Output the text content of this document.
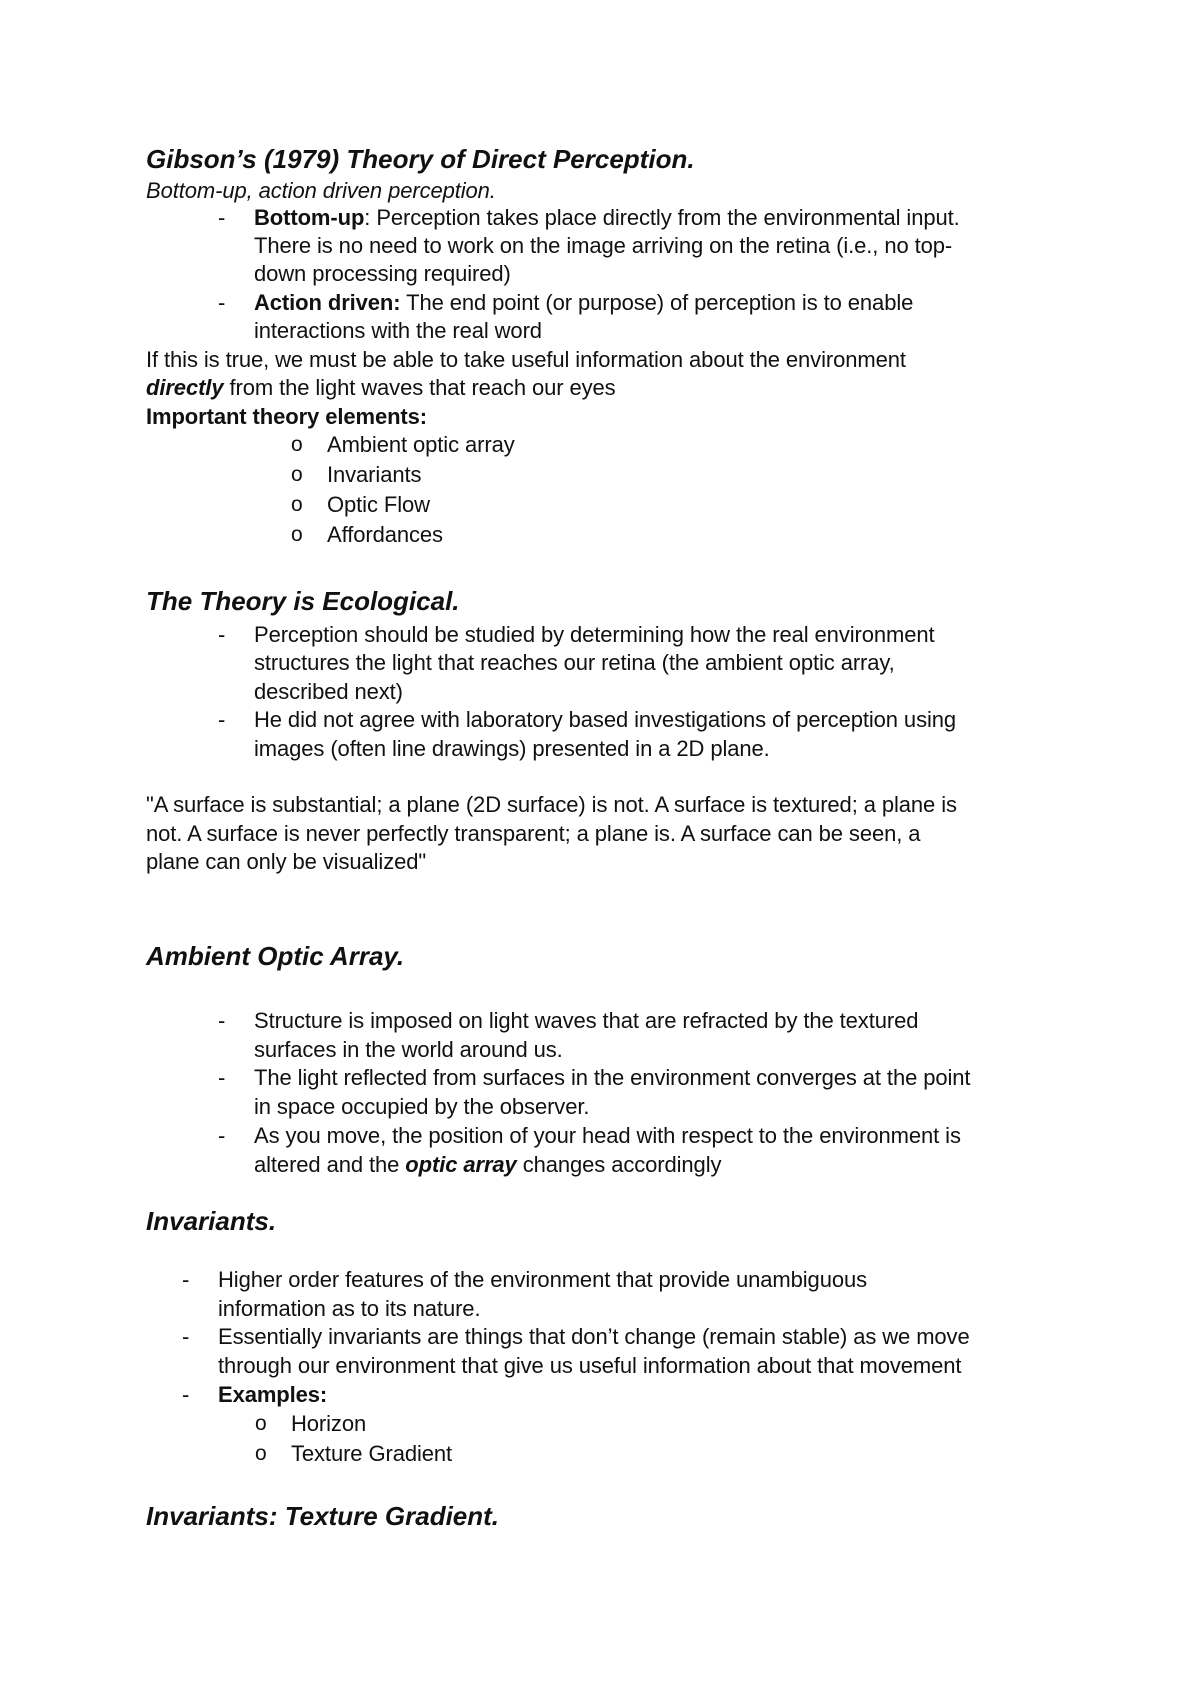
Gibson’s (1979) Theory of Direct Perception.
Bottom-up, action driven perception.
- Bottom-up: Perception takes place directly from the environmental input.
There is no need to work on the image arriving on the retina (i.e., no top-
down processing required)
- Action driven: The end point (or purpose) of perception is to enable
interactions with the real word
If this is true, we must be able to take useful information about the environment
directly from the light waves that reach our eyes
Important theory elements:
o Ambient optic array
o Invariants
o Optic Flow
o Affordances
The Theory is Ecological.
- Perception should be studied by determining how the real environment
structures the light that reaches our retina (the ambient optic array,
described next)
- He did not agree with laboratory based investigations of perception using
images (often line drawings) presented in a 2D plane.
"A surface is substantial; a plane (2D surface) is not. A surface is textured; a plane is
not. A surface is never perfectly transparent; a plane is. A surface can be seen, a
plane can only be visualized"
Ambient Optic Array.
- Structure is imposed on light waves that are refracted by the textured
surfaces in the world around us.
- The light reflected from surfaces in the environment converges at the point
in space occupied by the observer.
- As you move, the position of your head with respect to the environment is
altered and the optic array changes accordingly
Invariants.
- Higher order features of the environment that provide unambiguous
information as to its nature.
- Essentially invariants are things that don’t change (remain stable) as we move
through our environment that give us useful information about that movement
- Examples:
o Horizon
o Texture Gradient
Invariants: Texture Gradient.
